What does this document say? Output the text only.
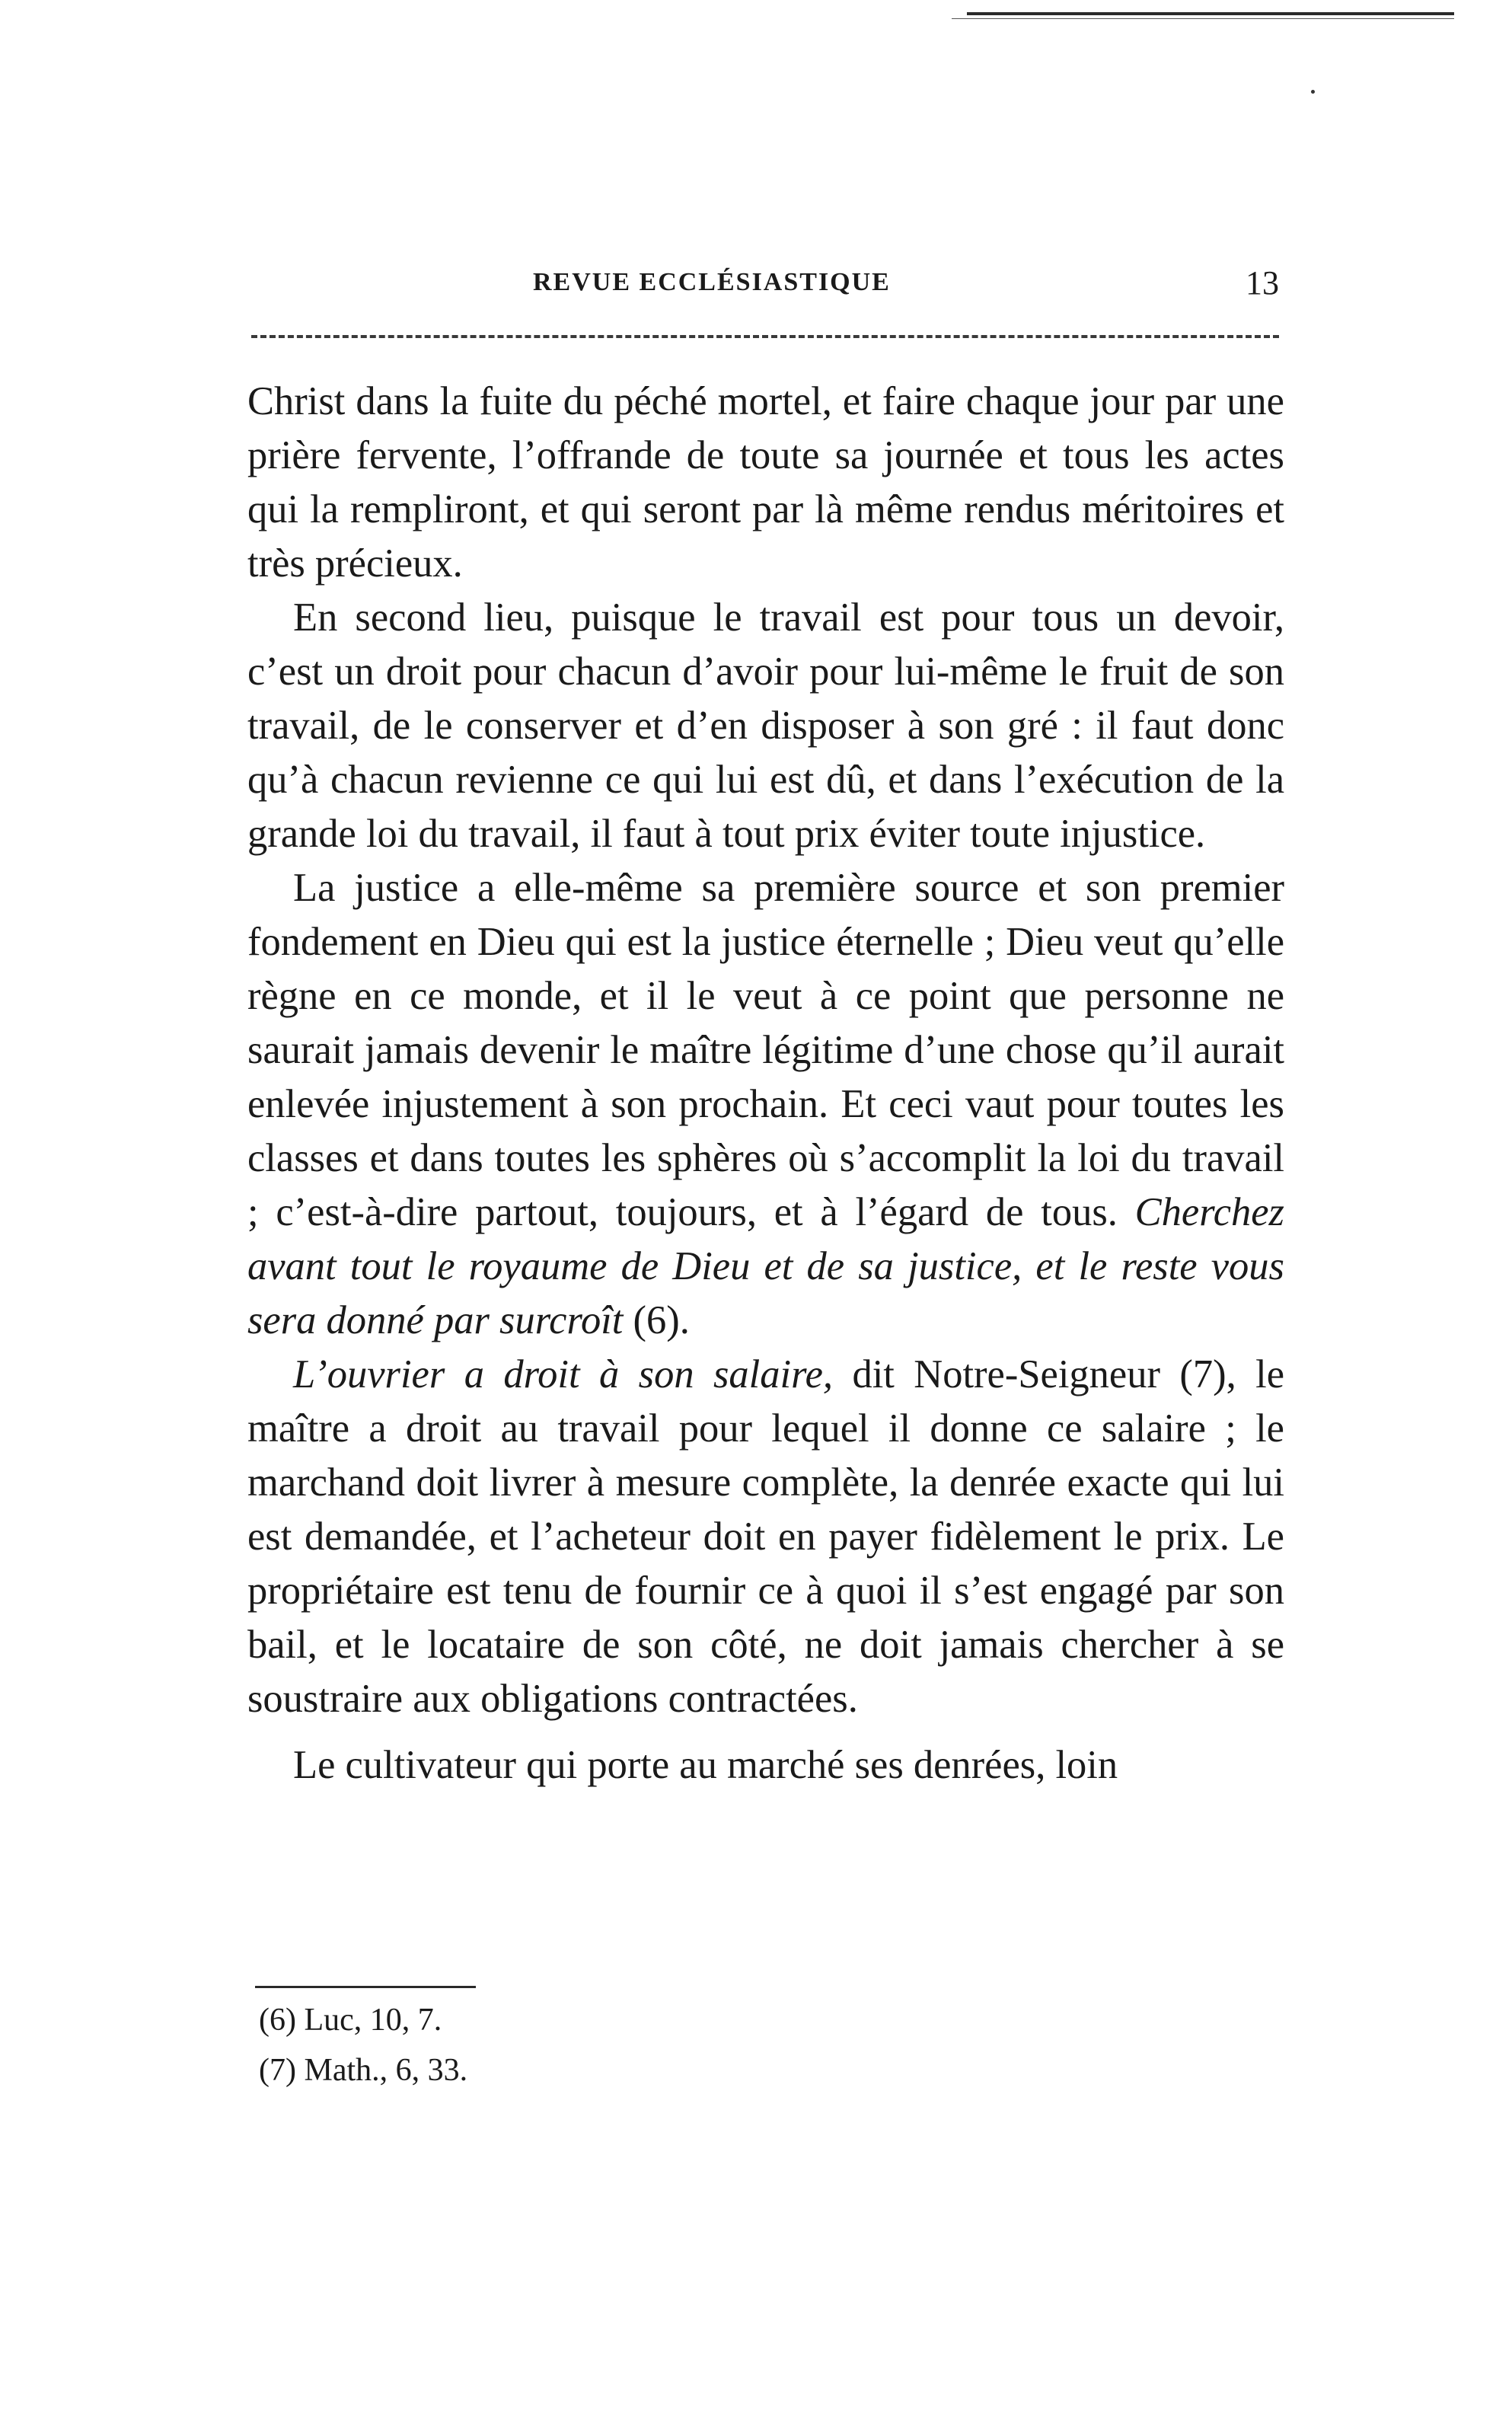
REVUE ECCLÉSIASTIQUE	13

Christ dans la fuite du péché mortel, et faire chaque jour par une prière fervente, l’offrande de toute sa journée et tous les actes qui la rempliront, et qui seront par là même rendus méritoires et très précieux.

En second lieu, puisque le travail est pour tous un devoir, c’est un droit pour chacun d’avoir pour lui-même le fruit de son travail, de le conserver et d’en disposer à son gré : il faut donc qu’à chacun revienne ce qui lui est dû, et dans l’exécution de la grande loi du travail, il faut à tout prix éviter toute injustice.

La justice a elle-même sa première source et son premier fondement en Dieu qui est la justice éternelle ; Dieu veut qu’elle règne en ce monde, et il le veut à ce point que personne ne saurait jamais devenir le maître légitime d’une chose qu’il aurait enlevée injustement à son prochain. Et ceci vaut pour toutes les classes et dans toutes les sphères où s’accomplit la loi du travail ; c’est-à-dire partout, toujours, et à l’égard de tous. Cherchez avant tout le royaume de Dieu et de sa justice, et le reste vous sera donné par surcroît (6).

L’ouvrier a droit à son salaire, dit Notre-Seigneur (7), le maître a droit au travail pour lequel il donne ce salaire ; le marchand doit livrer à mesure complète, la denrée exacte qui lui est demandée, et l’acheteur doit en payer fidèlement le prix. Le propriétaire est tenu de fournir ce à quoi il s’est engagé par son bail, et le locataire de son côté, ne doit jamais chercher à se soustraire aux obligations contractées.

Le cultivateur qui porte au marché ses denrées, loin

(6) Luc, 10, 7.
(7) Math., 6, 33.
